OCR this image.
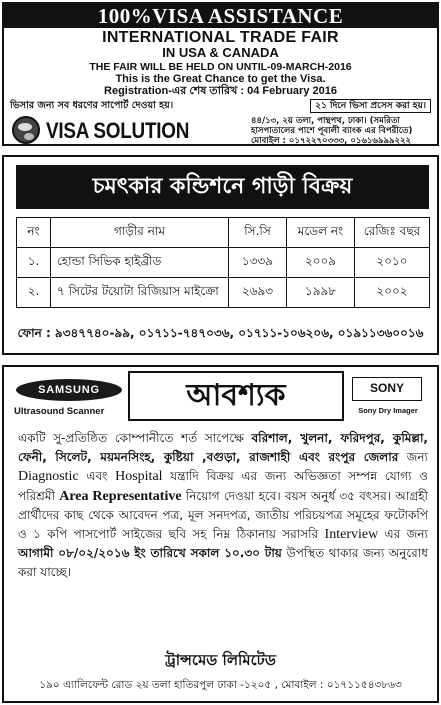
100%VISA ASSISTANCE
INTERNATIONAL TRADE FAIR
IN USA & CANADA
THE FAIR WILL BE HELD ON UNTIL-09-MARCH-2016
This is the Great Chance to get the Visa.
Registration-এর শেষ তারিখ : 04 February 2016
ভিসার জন্য সব ধরণের সাপোর্ট দেওয়া হয়।	২১ দিনে ভিসা প্রসেস করা হয়।
VISA SOLUTION	৪৪/১৩, ২য় তলা, পান্থপথ, ঢাকা। (সমরিতা
হাসপাতালের পাশে পূবালী ব্যাংক এর বিপরীতে)
মোবাইল : ০১৭২২৭০৩৩৩, ০১৬১৬৯৯৯২২২
চমৎকার কন্ডিশনে গাড়ী বিক্রয়
নং	গাড়ীর নাম	সি.সি	মডেল নং	রেজিঃ বছর
১.	হোন্ডা সিভিক হাইব্রীড	১৩৩৯	২০০৯	২০১০
২.	৭ সিটের টয়োটা রিজিয়াস মাইক্রো	২৬৯৩	১৯৯৮	২০০২
ফোন : ৯৩৪৭৭৪০-৯৯, ০১৭১১-৭৪৭০৩৬, ০১৭১১-১০৬২০৬, ০১৯১১৩৬০০১৬
SAMSUNG
Ultrasound Scanner	আবশ্যক	SONY
Sony Dry Imager
একটি সু-প্রতিষ্ঠিত কোম্পানীতে শর্ত সাপেক্ষে বরিশাল, খুলনা, ফরিদপুর, কুমিল্লা, ফেনী, সিলেট, ময়মনসিংহ, কুষ্টিয়া ,বগুড়া, রাজশাহী এবং রংপুর জেলার জন্য Diagnostic এবং Hospital যন্ত্রাদি বিক্রয় এর জন্য অভিজ্ঞতা সম্পন্ন যোগ্য ও পরিশ্রমী Area Representative নিয়োগ দেওয়া হবে। বয়স অনুর্ধ ৩৫ বৎসর। আগ্রহী প্রার্থীদের কাছ থেকে আবেদন পত্র, মূল সনদপত্র, জাতীয় পরিচয়পত্র সমূহের ফটোকপি ও ১ কপি পাসপোর্ট সাইজের ছবি সহ নিম্ন ঠিকানায় সরাসরি Interview এর জন্য আগামী ০৮/০২/২০১৬ ইং তারিখে সকাল ১০.৩০ টায় উপস্থিত থাকার জন্য অনুরোধ করা যাচ্ছে।
ট্রান্সমেড লিমিটেড
১৯০ এ্যালিফেন্ট রোড ২য় তলা হাতিরপুল ঢাকা -১২০৫ , মোবাইল : ০১৭১১৫৪৩৮৬৩
